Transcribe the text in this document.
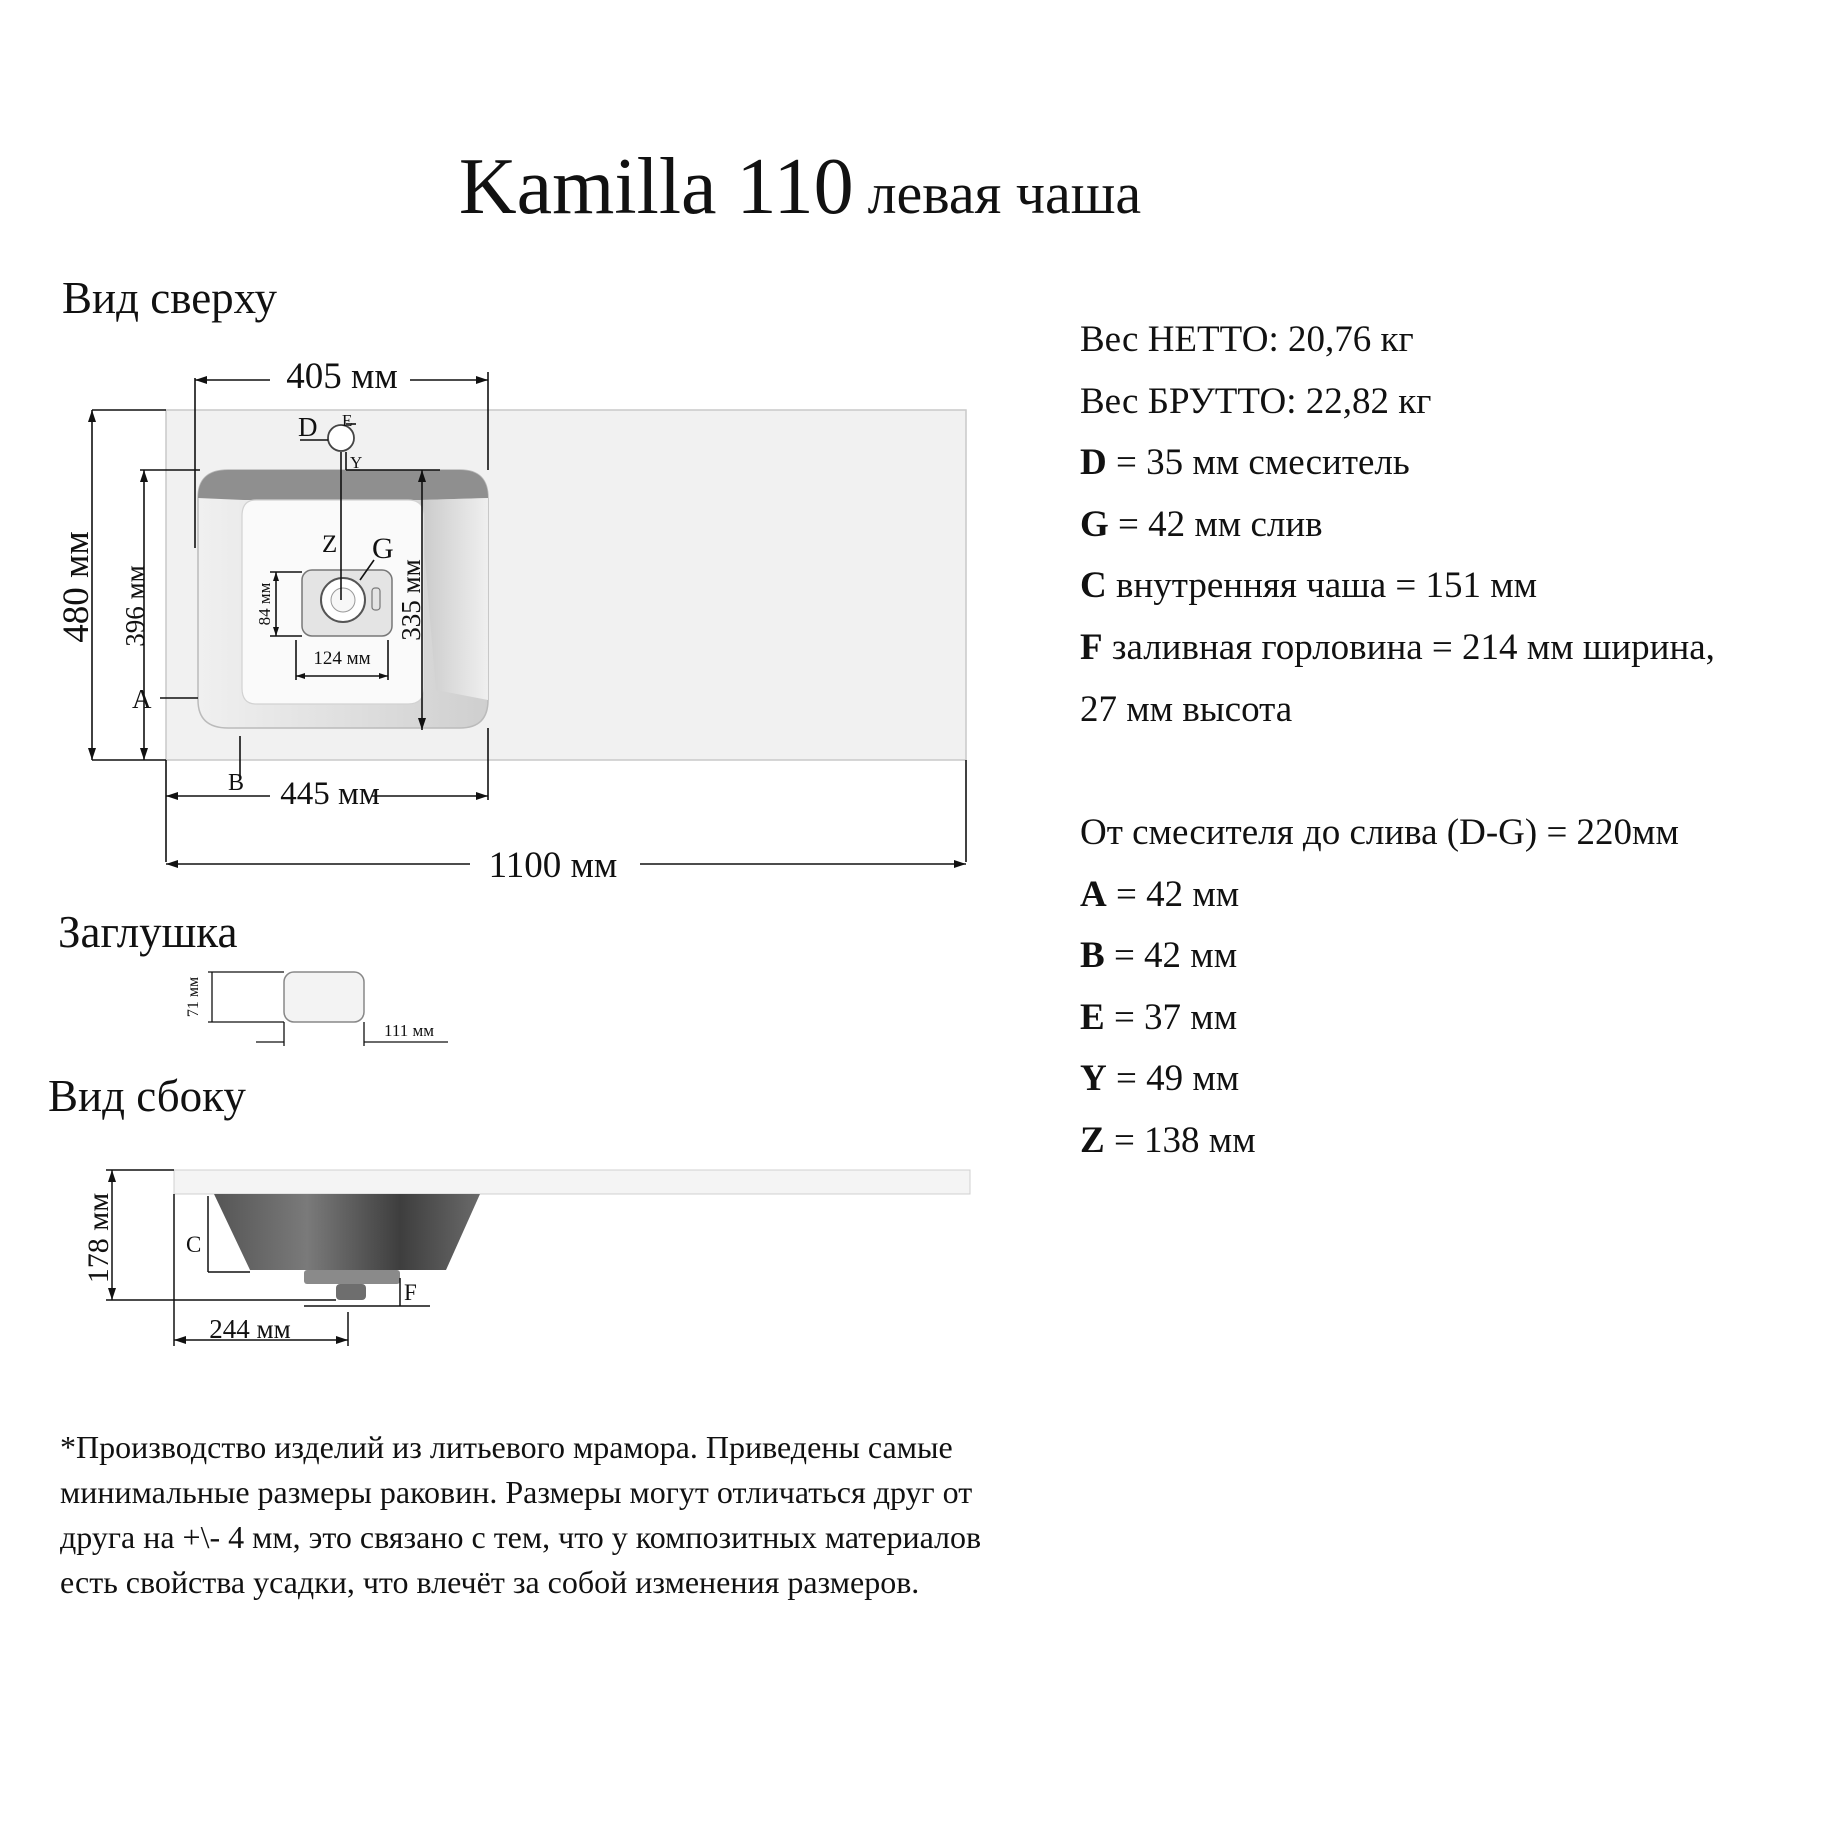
Kamilla 110 левая чаша
Вид сверху
Заглушка
Вид сбоку
405 мм
480 мм 396 мм	335 мм
84 мм
124 мм
445 мм
1100 мм
D E
Y
Z G
A
B
71 мм
111 мм
178 мм
244 мм
C
F
Вес НЕТТО: 20,76 кг
Вес БРУТТО: 22,82 кг
D = 35 мм смеситель
G = 42 мм слив
C внутренняя чаша = 151 мм
F заливная горловина = 214 мм ширина,
27 мм высота
От смесителя до слива (D-G) = 220мм
A = 42 мм
B = 42 мм
E = 37 мм
Y = 49 мм
Z = 138 мм
*Производство изделий из литьевого мрамора. Приведены самые минимальные размеры раковин. Размеры могут отличаться друг от друга на +\- 4 мм, это связано с тем, что у композитных материалов есть свойства усадки, что влечёт за собой изменения размеров.
